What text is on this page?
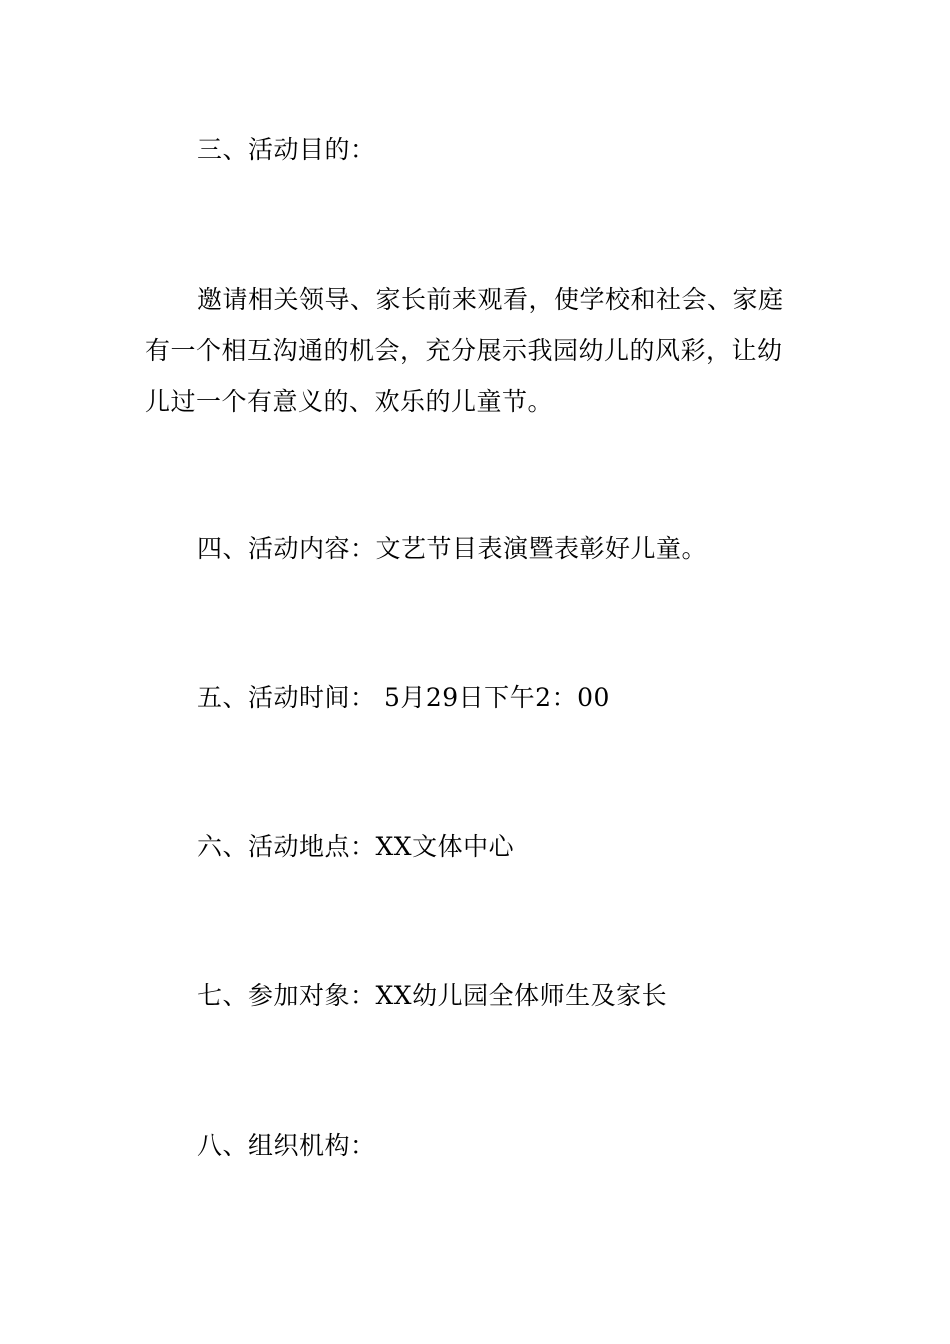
三、活动目的：
邀请相关领导、家长前来观看，使学校和社会、家庭
有一个相互沟通的机会，充分展示我园幼儿的风彩，让幼
儿过一个有意义的、欢乐的儿童节。
四、活动内容：文艺节目表演暨表彰好儿童。
五、活动时间： 5月29日下午2：00
六、活动地点：XX文体中心
七、参加对象：XX幼儿园全体师生及家长
八、组织机构：
